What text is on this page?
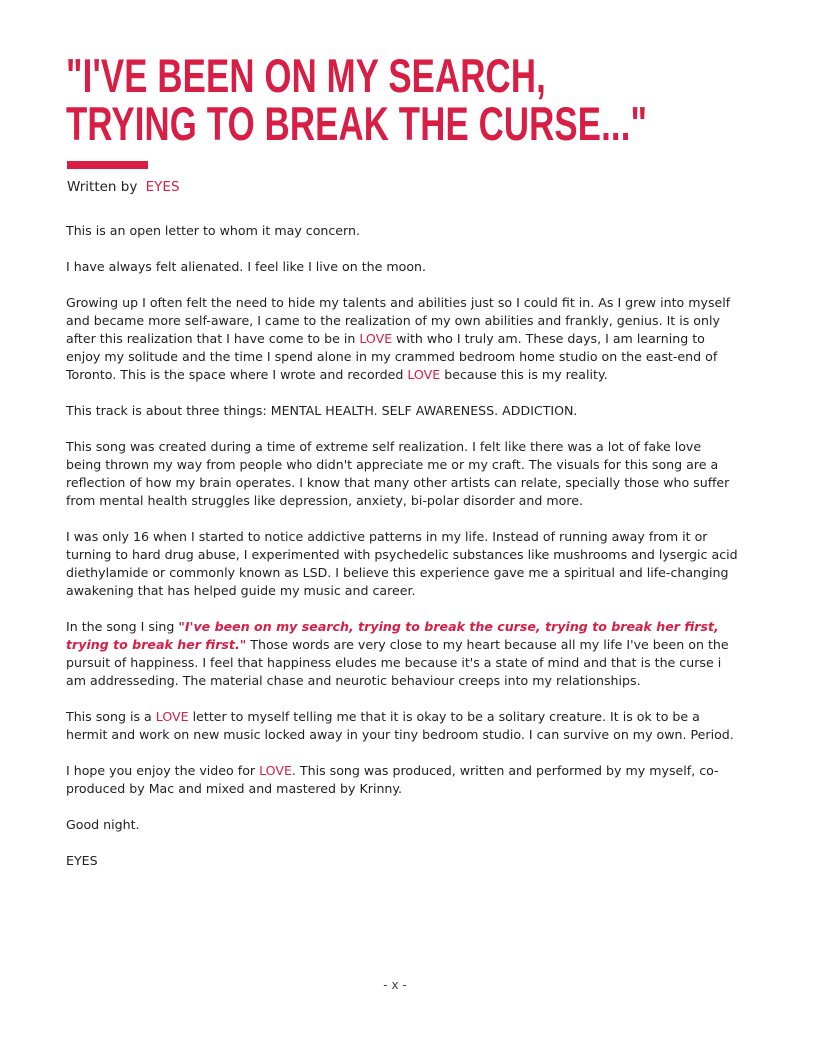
"I'VE BEEN ON MY SEARCH,
TRYING TO BREAK THE CURSE..."
Written by EYES

This is an open letter to whom it may concern.

I have always felt alienated. I feel like I live on the moon.

Growing up I often felt the need to hide my talents and abilities just so I could fit in. As I grew into myself and became more self-aware, I came to the realization of my own abilities and frankly, genius. It is only after this realization that I have come to be in LOVE with who I truly am. These days, I am learning to enjoy my solitude and the time I spend alone in my crammed bedroom home studio on the east-end of Toronto. This is the space where I wrote and recorded LOVE because this is my reality.

This track is about three things: MENTAL HEALTH. SELF AWARENESS. ADDICTION.

This song was created during a time of extreme self realization. I felt like there was a lot of fake love being thrown my way from people who didn't appreciate me or my craft. The visuals for this song are a reflection of how my brain operates. I know that many other artists can relate, specially those who suffer from mental health struggles like depression, anxiety, bi-polar disorder and more.

I was only 16 when I started to notice addictive patterns in my life. Instead of running away from it or turning to hard drug abuse, I experimented with psychedelic substances like mushrooms and lysergic acid diethylamide or commonly known as LSD. I believe this experience gave me a spiritual and life-changing awakening that has helped guide my music and career.

In the song I sing "I've been on my search, trying to break the curse, trying to break her first, trying to break her first." Those words are very close to my heart because all my life I've been on the pursuit of happiness. I feel that happiness eludes me because it's a state of mind and that is the curse i am addresseding. The material chase and neurotic behaviour creeps into my relationships.

This song is a LOVE letter to myself telling me that it is okay to be a solitary creature. It is ok to be a hermit and work on new music locked away in your tiny bedroom studio. I can survive on my own. Period.

I hope you enjoy the video for LOVE. This song was produced, written and performed by my myself, co-produced by Mac and mixed and mastered by Krinny.

Good night.

EYES

- x -
